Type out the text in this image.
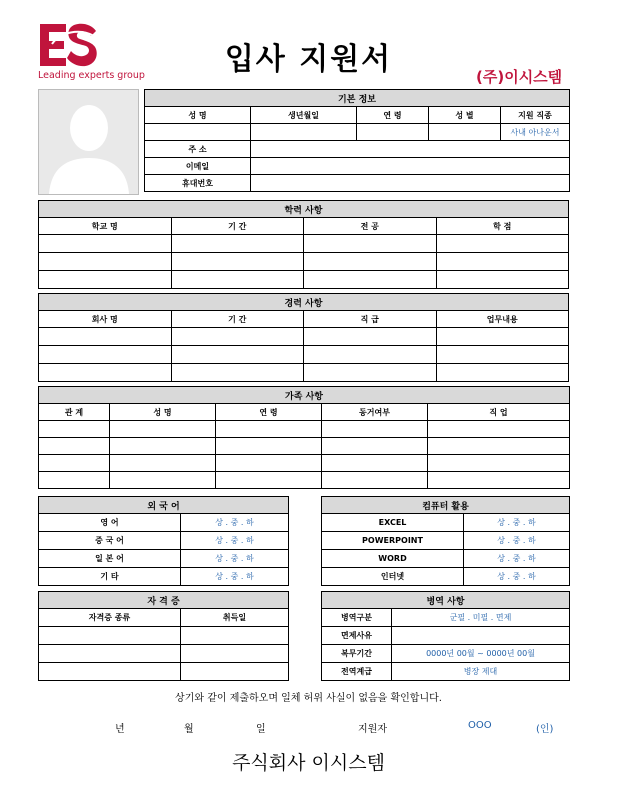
Leading experts group	입사 지원서	(주)이시스템
기본 정보				
성 명	생년월일	연 령	성 별	지원 직종
				사내 아나운서
주 소				
이메일				
휴대번호				
학력 사항			
학교 명	기 간	전 공	학 점

경력 사항			
회사 명	기 간	직 급	업무내용

가족 사항				
관 계	성 명	연 령	동거여부	직 업

외 국 어	
영 어	상 . 중 . 하
중 국 어	상 . 중 . 하
일 본 어	상 . 중 . 하
기 타	상 . 중 . 하
컴퓨터 활용	
EXCEL	상 . 중 . 하
POWERPOINT	상 . 중 . 하
WORD	상 . 중 . 하
인터넷	상 . 중 . 하
자 격 증	
자격증 종류	취득일

병역 사항	
병역구분	군필 . 미필 . 면제
면제사유	
복무기간	0000년 00월 ~ 0000년 00월
전역계급	병장 제대
상기와 같이 제출하오며 일체 허위 사실이 없음을 확인합니다.
년	월	일	지원자	OOO	(인)
주식회사 이시스템
